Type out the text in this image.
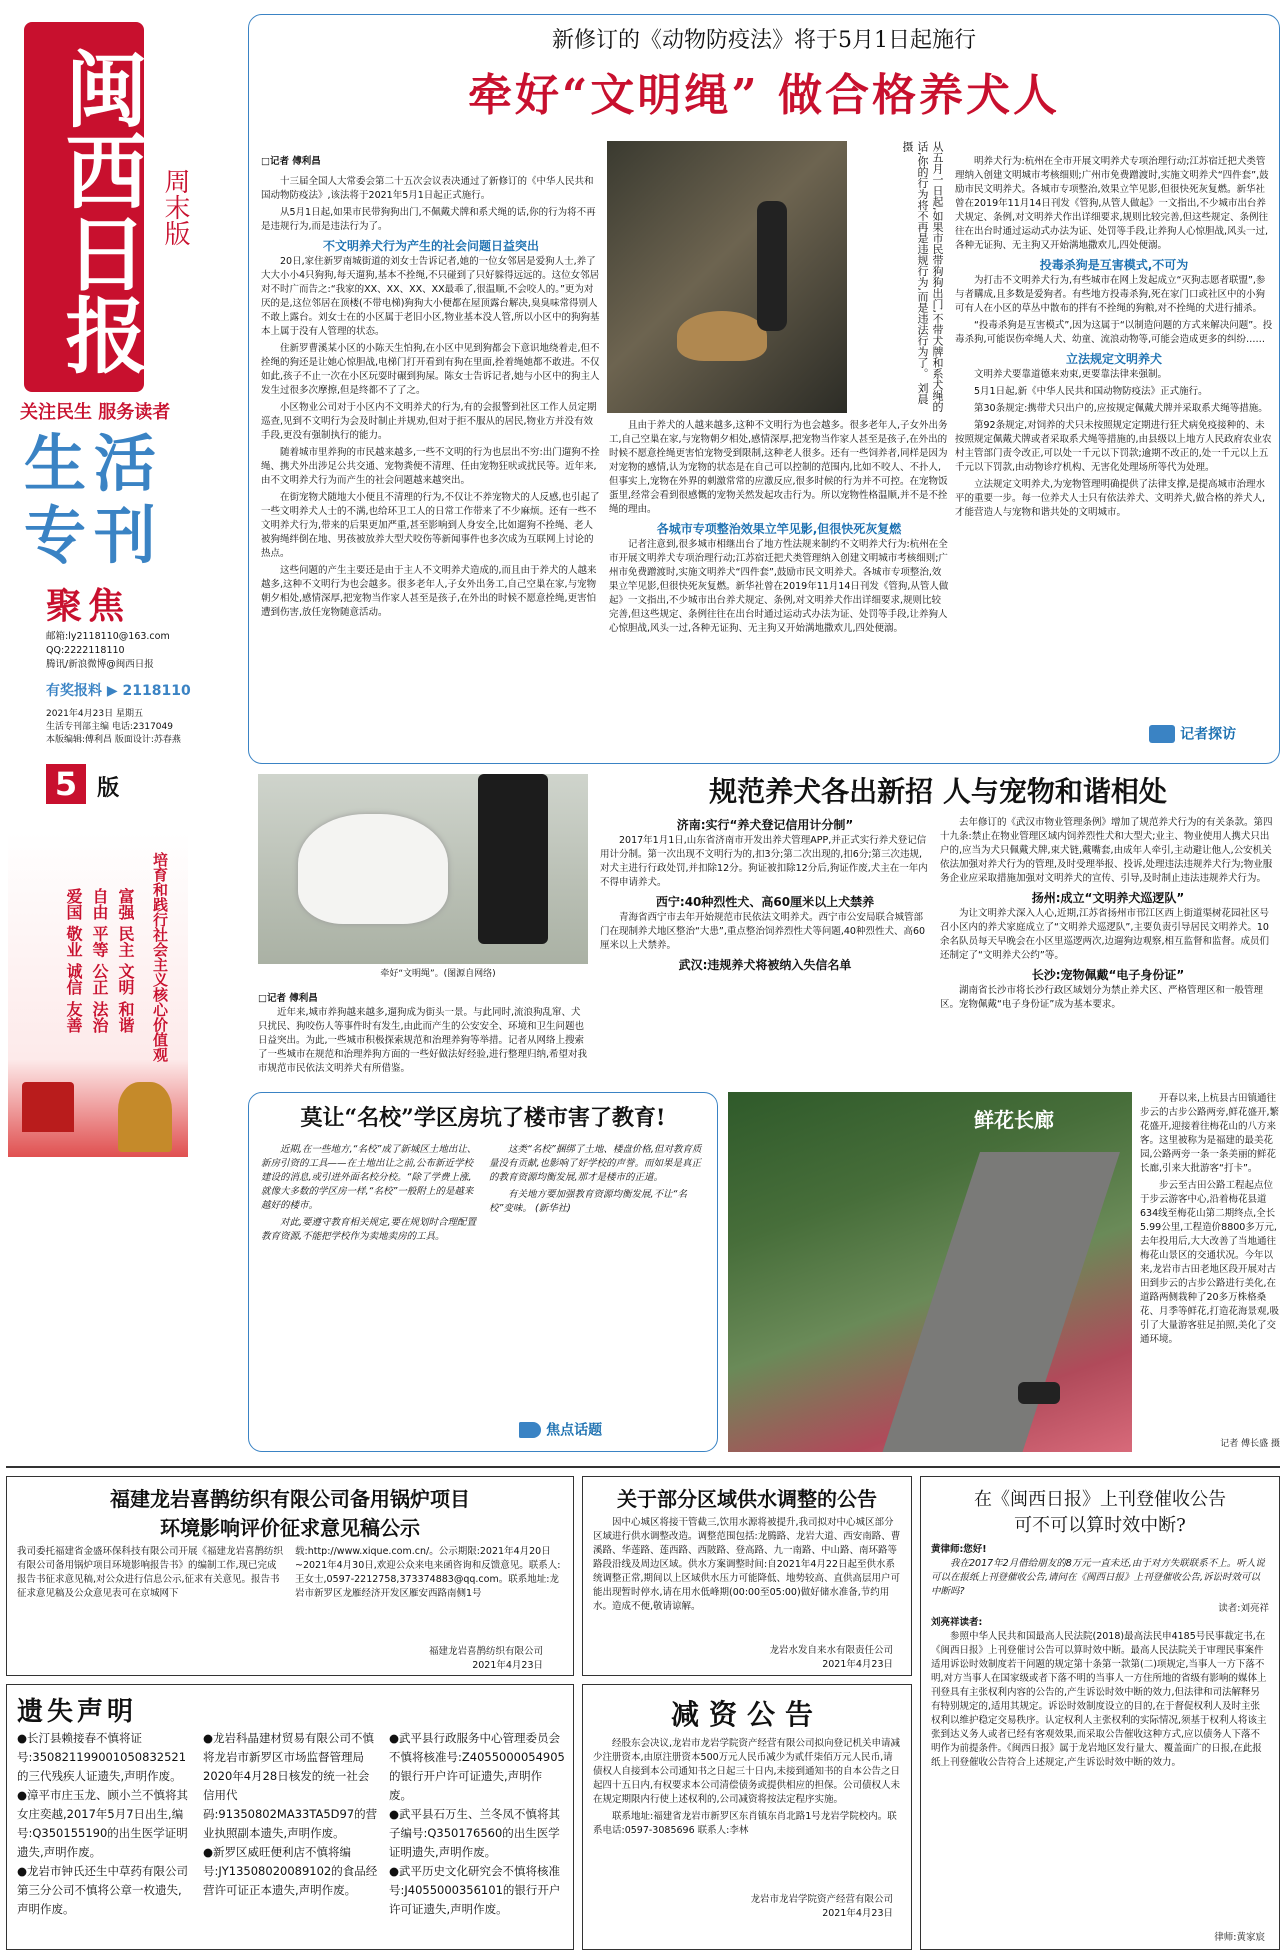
闽西日报 周末版
关注民生 服务读者
生活专刊
聚焦
邮箱:ly2118110@163.com
QQ:2222118110
腾讯/新浪微博@闽西日报
有奖报料 ▶ 2118110
2021年4月23日 星期五
生活专刊部主编 电话:2317049
本版编辑:傅利昌 版面设计:苏春燕
5 版
培育和践行社会主义核心价值观
富强 民主 文明 和谐
自由 平等 公正 法治
爱国 敬业 诚信 友善
新修订的《动物防疫法》将于5月1日起施行
牵好“文明绳” 做合格养犬人
□记者 傅利昌

十三届全国人大常委会第二十五次会议表决通过了新修订的《中华人民共和国动物防疫法》,该法将于2021年5月1日起正式施行。

从5月1日起,如果市民带狗狗出门,不佩戴犬牌和系犬绳的话,你的行为将不再是违规行为,而是违法行为了。

不文明养犬行为产生的社会问题日益突出

20日,家住新罗南城街道的刘女士告诉记者,她的一位女邻居是爱狗人士,养了大大小小4只狗狗,每天遛狗,基本不拴绳,不只碰到了只好躲得远远的。这位女邻居对不时广而告之:“我家的XX、XX、XX、XX最乖了,很温顺,不会咬人的。”更为对厌的是,这位邻居在顶楼(不带电梯)狗狗大小便都在屋顶露台解决,臭臭味常得别人不敢上露台。刘女士在的小区属于老旧小区,物业基本没人管,所以小区中的狗狗基本上属于没有人管理的状态。

住新罗曹溪某小区的小陈天生怕狗,在小区中见到狗都会下意识地绕着走,但不拴绳的狗还是让她心惊胆战,电梯门打开看到有狗在里面,拴着绳她都不敢进。不仅如此,孩子不止一次在小区玩耍时碾到狗屎。陈女士告诉记者,她与小区中的狗主人发生过很多次摩擦,但是终都不了了之。

小区物业公司对于小区内不文明养犬的行为,有的会报警到社区工作人员定期巡查,见到不文明行为会及时制止并规劝,但对于拒不服从的居民,物业方并没有效手段,更没有强制执行的能力。

随着城市里养狗的市民越来越多,一些不文明的行为也层出不穷:出门遛狗不拴绳、携犬外出涉足公共交通、宠物粪便不清理、任由宠物狂吠或扰民等。近年来,由不文明养犬行为而产生的社会问题越来越突出。

在街宠物犬随地大小便且不清理的行为,不仅让不养宠物犬的人反感,也引起了一些文明养犬人士的不满,也给环卫工人的日常工作带来了不少麻烦。还有一些不文明养犬行为,带来的后果更加严重,甚至影响到人身安全,比如遛狗不拴绳、老人被狗绳绊倒在地、男孩被放养大型犬咬伤等新闻事件也多次成为互联网上讨论的热点。

这些问题的产生主要还是由于主人不文明养犬造成的,而且由于养犬的人越来越多,这种不文明行为也会越多。很多老年人,子女外出务工,自己空巢在家,与宠物朝夕相处,感情深厚,把宠物当作家人甚至是孩子,在外出的时候不愿意拴绳,更害怕遭到伤害,放任宠物随意活动。

从五月一日起,如果市民带狗狗出门,不带犬牌和系犬绳的话,你的行为将不再是违规行为,而是违法行为了。 刘晨 摄

且由于养犬的人越来越多,这种不文明行为也会越多。很多老年人,子女外出务工,自己空巢在家,与宠物朝夕相处,感情深厚,把宠物当作家人甚至是孩子,在外出的时候不愿意拴绳更害怕宠物受到限制,这种老人很多。还有一些饲养者,同样是因为对宠物的感情,认为宠物的状态是在自己可以控制的范围内,比如不咬人、不扑人,但事实上,宠物在外界的刺激常常的应激反应,很多时候的行为并不可控。在宠物饭蛋里,经常会看到很感慨的宠物关然发起攻击行为。所以宠物性格温顺,并不是不拴绳的理由。

各城市专项整治效果立竿见影,但很快死灰复燃

记者注意到,很多城市相继出台了地方性法规来制约不文明养犬行为:杭州在全市开展文明养犬专项治理行动;江苏宿迁把犬类管理纳入创建文明城市考核细则;广州市免费蹭渡时,实施文明养犬“四件套”,鼓励市民文明养犬。各城市专项整治,效果立竿见影,但很快死灰复燃。新华社曾在2019年11月14日刊发《管狗,从管人做起》一文指出,不少城市出台养犬规定、条例,对文明养犬作出详细要求,规则比较完善,但这些规定、条例往往在出台时通过运动式办法为证、处罚等手段,让养狗人心惊胆战,风头一过,各种无证狗、无主狗又开始满地撒欢儿,四处便溺。

明养犬行为:杭州在全市开展文明养犬专项治理行动;江苏宿迁把犬类管理纳入创建文明城市考核细则;广州市免费蹭渡时,实施文明养犬“四件套”,鼓励市民文明养犬。各城市专项整治,效果立竿见影,但很快死灰复燃。新华社曾在2019年11月14日刊发《管狗,从管人做起》一文指出,不少城市出台养犬规定、条例,对文明养犬作出详细要求,规则比较完善,但这些规定、条例往往在出台时通过运动式办法为证、处罚等手段,让养狗人心惊胆战,风头一过,各种无证狗、无主狗又开始满地撒欢儿,四处便溺。

投毒杀狗是互害模式,不可为

为打击不文明养犬行为,有些城市在网上发起成立“灭狗志愿者联盟”,参与者購成,且多数是爱狗者。有些地方投毒杀狗,死在家门口或社区中的小狗可有人在小区的草丛中散布的拌有不拴绳的狗粮,对不拴绳的犬进行捕杀。

“投毒杀狗是互害模式”,因为这属于“以制造问题的方式来解决问题”。投毒杀狗,可能误伤牵绳人犬、幼童、流浪动物等,可能会造成更多的纠纷……

立法规定文明养犬

文明养犬要靠道德来劝束,更要靠法律来强制。

5月1日起,新《中华人民共和国动物防疫法》正式施行。

第30条规定:携带犬只出户的,应按规定佩戴犬牌并采取系犬绳等措施。

第92条规定,对饲养的犬只未按照规定定期进行狂犬病免疫接种的、未按照规定佩戴犬牌或者采取系犬绳等措施的,由县级以上地方人民政府农业农村主管部门责令改正,可以处一千元以下罚款;逾期不改正的,处一千元以上五千元以下罚款,由动物诊疗机构、无害化处理场所等代为处理。

立法规定文明养犬,为宠物管理明确提供了法律支撑,是提高城市治理水平的重要一步。每一位养犬人士只有依法养犬、文明养犬,做合格的养犬人,才能营造人与宠物和谐共处的文明城市。

记者探访
牵好“文明绳”。(图源自网络)
□记者 傅利昌

近年来,城市养狗越来越多,遛狗成为街头一景。与此同时,流浪狗乱窜、犬只扰民、狗咬伤人等事件时有发生,由此而产生的公安安全、环境和卫生问题也日益突出。为此,一些城市积极探索规范和治理养狗等举措。记者从网络上搜索了一些城市在规范和治理养狗方面的一些好做法好经验,进行整理归纳,希望对我市规范市民依法文明养犬有所借鉴。

规范养犬各出新招 人与宠物和谐相处
济南:实行“养犬登记信用计分制”

2017年1月1日,山东省济南市开发出养犬管理APP,并正式实行养犬登记信用计分制。第一次出现不文明行为的,扣3分;第二次出现的,扣6分;第三次违规,对犬主进行行政处罚,并扣除12分。狗证被扣除12分后,狗证作废,犬主在一年内不得申请养犬。

西宁:40种烈性犬、高60厘米以上犬禁养

青海省西宁市去年开始规范市民依法文明养犬。西宁市公安局联合城管部门在现制养犬地区整治“大患”,重点整治饲养烈性犬等问题,40种烈性犬、高60厘米以上犬禁养。

武汉:违规养犬将被纳入失信名单

去年修订的《武汉市物业管理条例》增加了规范养犬行为的有关条款。第四十九条:禁止在物业管理区域内饲养烈性犬和大型犬;业主、物业使用人携犬只出户的,应当为犬只佩戴犬牌,束犬链,戴嘴套,由成年人牵引,主动避让他人,公安机关依法加强对养犬行为的管理,及时受理举报、投诉,处理违法违规养犬行为;物业服务企业应采取措施加强对文明养犬的宣传、引导,及时制止违法违规养犬行为。

扬州:成立“文明养犬巡逻队”

为让文明养犬深入人心,近期,江苏省扬州市邗江区西上街道渠树花园社区号召小区内的养犬家庭成立了“文明养犬巡逻队”,主要负责引导居民文明养犬。10余名队员每天早晚会在小区里巡逻两次,边遛狗边观察,相互监督和监督。成员们还制定了“文明养犬公约”等。

长沙:宠物佩戴“电子身份证”

湖南省长沙市将长沙行政区域划分为禁止养犬区、严格管理区和一般管理区。宠物佩戴“电子身份证”成为基本要求。

莫让“名校”学区房坑了楼市害了教育!

近期,在一些地方,“名校”成了新城区土地出让、新房引资的工具——在土地出让之前,公布新近学校建设的消息,或引进外面名校分校。“除了学费上涨,就像大多数的学区房一样,“名校”一般附上的是越来越好的楼市。

对此,要遵守教育相关规定,要在规划时合理配置教育资源,不能把学校作为卖地卖房的工具。

这类“名校”捆绑了土地、楼盘价格,但对教育质量没有贡献,也影响了好学校的声誉。而如果是真正的教育资源均衡发展,那才是楼市的正道。

有关地方要加强教育资源均衡发展,不让“名校”变味。 (新华社)

焦点话题
鲜花长廊

开春以来,上杭县古田镇通往步云的古步公路两旁,鲜花盛开,繁花盛开,迎接着往梅花山的八方来客。这里被称为是福建的最美花园,公路两旁一条一条美丽的鲜花长廊,引来大批游客“打卡”。

步云至古田公路工程起点位于步云游客中心,沿着梅花县道634线至梅花山第二期终点,全长5.99公里,工程造价8800多万元,去年投用后,大大改善了当地通往梅花山景区的交通状况。今年以来,龙岩市古田老地区段开展对古田到步云的古步公路进行美化,在道路两侧栽种了20多万株格桑花、月季等鲜花,打造花海景观,吸引了大量游客驻足拍照,美化了交通环境。

记者 傅长盛 摄
福建龙岩喜鹊纺织有限公司备用锅炉项目
环境影响评价征求意见稿公示
我司委托福建省金盛环保科技有限公司开展《福建龙岩喜鹊纺织有限公司备用锅炉项目环境影响报告书》的编制工作,现已完成报告书征求意见稿,对公众进行信息公示,征求有关意见。报告书征求意见稿及公众意见表可在京城网下载:http://www.xique.com.cn/。公示期限:2021年4月20日~2021年4月30日,欢迎公众来电来函咨询和反馈意见。联系人:王女士,0597-2212758,373374883@qq.com。联系地址:龙岩市新罗区龙雁经济开发区雁安西路南侧1号
福建龙岩喜鹊纺织有限公司
2021年4月23日
关于部分区域供水调整的公告

因中心城区将接干管截三,饮用水源将被提升,我司拟对中心城区部分区域进行供水调整改造。调整范围包括:龙腾路、龙岩大道、西安南路、曹溪路、华莲路、莲西路、西陂路、登高路、九一南路、中山路、南环路等路段沿线及周边区域。供水方案调整时间:自2021年4月22日起至供水系统调整正常,期间以上区域供水压力可能降低、地势较高、直供高层用户可能出现暂时停水,请在用水低峰期(00:00至05:00)做好储水准备,节约用水。造成不便,敬请谅解。

龙岩水发自来水有限责任公司
2021年4月23日
减资公告

经股东会决议,龙岩市龙岩学院资产经营有限公司拟向登记机关申请减少注册资本,由原注册资本500万元人民币减少为贰仟柒佰万元人民币,请债权人自接到本公司通知书之日起三十日内,未接到通知书的自本公告之日起四十五日内,有权要求本公司清偿债务或提供相应的担保。公司债权人未在规定期限内行使上述权利的,公司减资将按法定程序实施。

联系地址:福建省龙岩市新罗区东肖镇东肖北路1号龙岩学院校内。联系电话:0597-3085696 联系人:李林

龙岩市龙岩学院资产经营有限公司
2021年4月23日
遗失声明
●长汀县赖接春不慎将证号:350821199001050832521的三代残疾人证遗失,声明作废。
●漳平市庄玉龙、顾小兰不慎将其女庄奕越,2017年5月7日出生,编号:Q350155190的出生医学证明遗失,声明作废。
●龙岩市钟氏还生中草药有限公司第三分公司不慎将公章一枚遗失,声明作废。
●龙岩科晶建材贸易有限公司不慎将龙岩市新罗区市场监督管理局2020年4月28日核发的统一社会信用代码:91350802MA33TA5D97的营业执照副本遗失,声明作废。
●新罗区威旺便利店不慎将编号:JY13508020089102的食品经营许可证正本遗失,声明作废。
●武平县行政服务中心管理委员会不慎将核准号:Z4055000054905的银行开户许可证遗失,声明作废。
●武平县石万生、兰冬凤不慎将其子编号:Q350176560的出生医学证明遗失,声明作废。
●武平历史文化研究会不慎将核准号:J4055000356101的银行开户许可证遗失,声明作废。
在《闽西日报》上刊登催收公告
可不可以算时效中断?
黄律师:您好!

我在2017年2月借给朋友的8万元一直未还,由于对方失联联系不上。听人说可以在报纸上刊登催收公告,请问在《闽西日报》上刊登催收公告,诉讼时效可以中断吗?

读者:刘亮祥
刘亮祥读者:

参照中华人民共和国最高人民法院(2018)最高法民申4185号民事裁定书,在《闽西日报》上刊登催讨公告可以算时效中断。最高人民法院关于审理民事案件适用诉讼时效制度若干问题的规定第十条第一款第(二)项规定,当事人一方下落不明,对方当事人在国家级或者下落不明的当事人一方住所地的省级有影响的媒体上刊登具有主张权利内容的公告的,产生诉讼时效中断的效力,但法律和司法解释另有特别规定的,适用其规定。诉讼时效制度设立的目的,在于督促权利人及时主张权利以维护稳定交易秩序。认定权利人主张权利的实际情况,须基于权利人将该主张到达义务人或者已经有客观效果,而采取公告催收这种方式,应以债务人下落不明作为前提条件。《闽西日报》属于龙岩地区发行量大、覆盖面广的日报,在此报纸上刊登催收公告符合上述规定,产生诉讼时效中断的效力。

律师:黄家宸
